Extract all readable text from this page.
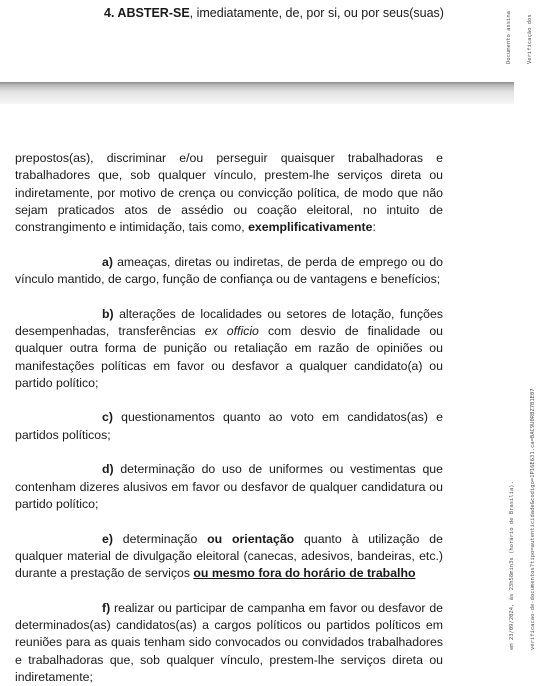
4. ABSTER-SE, imediatamente, de, por si, ou por seus(suas)

	Documento assina

	Verificação dos

em 23/09/2024, às 23h58min3s (horário de Brasília).

	verificacao-de-documentos?tipo=autenticidade&codigo=1P16E631.ca=BAC9U0RBZ7B1E07

prepostos(as), discriminar e/ou perseguir quaisquer trabalhadoras e trabalhadores que, sob qualquer vínculo, prestem-lhe serviços direta ou indiretamente, por motivo de crença ou convicção política, de modo que não sejam praticados atos de assédio ou coação eleitoral, no intuito de constrangimento e intimidação, tais como, exemplificativamente:

a) ameaças, diretas ou indiretas, de perda de emprego ou do vínculo mantido, de cargo, função de confiança ou de vantagens e benefícios;

b) alterações de localidades ou setores de lotação, funções desempenhadas, transferências ex officio com desvio de finalidade ou qualquer outra forma de punição ou retaliação em razão de opiniões ou manifestações políticas em favor ou desfavor a qualquer candidato(a) ou partido político;

c) questionamentos quanto ao voto em candidatos(as) e partidos políticos;

d) determinação do uso de uniformes ou vestimentas que contenham dizeres alusivos em favor ou desfavor de qualquer candidatura ou partido político;

e) determinação ou orientação quanto à utilização de qualquer material de divulgação eleitoral (canecas, adesivos, bandeiras, etc.) durante a prestação de serviços ou mesmo fora do horário de trabalho

f) realizar ou participar de campanha em favor ou desfavor de determinados(as) candidatos(as) a cargos políticos ou partidos políticos em reuniões para as quais tenham sido convocados ou convidados trabalhadores e trabalhadoras que, sob qualquer vínculo, prestem-lhe serviços direta ou indiretamente;
